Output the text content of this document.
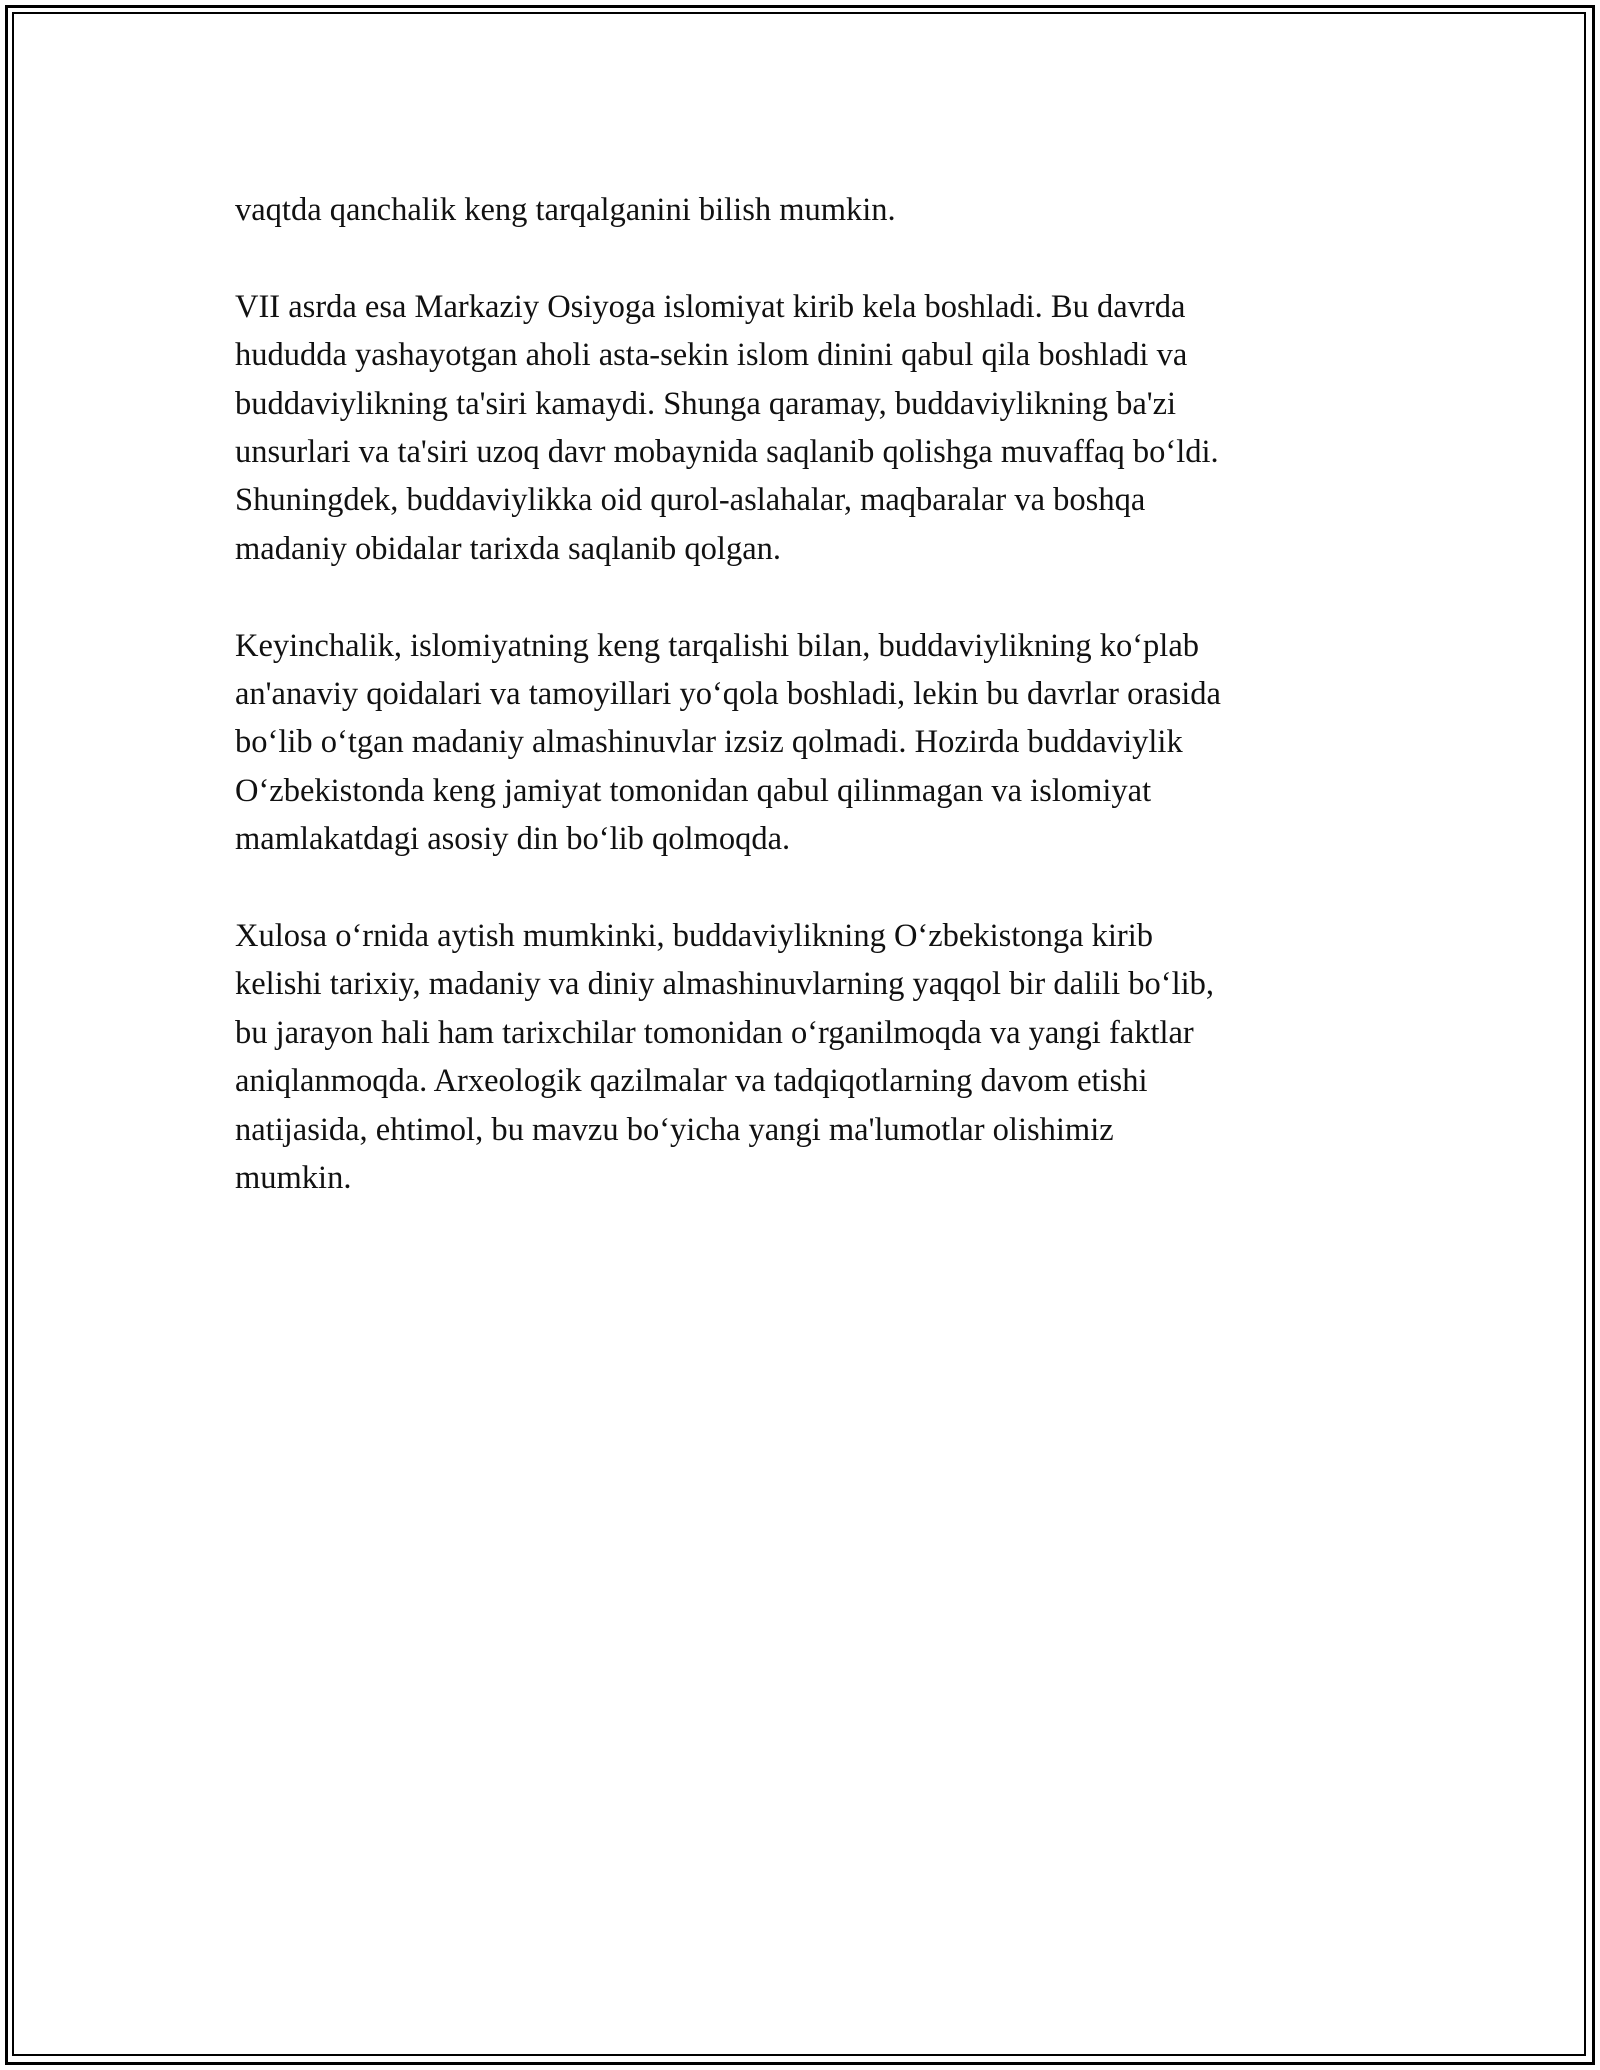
vaqtda qanchalik keng tarqalganini bilish mumkin.

VII asrda esa Markaziy Osiyoga islomiyat kirib kela boshladi. Bu davrda
hududda yashayotgan aholi asta-sekin islom dinini qabul qila boshladi va
buddaviylikning ta'siri kamaydi. Shunga qaramay, buddaviylikning ba'zi
unsurlari va ta'siri uzoq davr mobaynida saqlanib qolishga muvaffaq bo‘ldi.
Shuningdek, buddaviylikka oid qurol-aslahalar, maqbaralar va boshqa
madaniy obidalar tarixda saqlanib qolgan.

Keyinchalik, islomiyatning keng tarqalishi bilan, buddaviylikning ko‘plab
an'anaviy qoidalari va tamoyillari yo‘qola boshladi, lekin bu davrlar orasida
bo‘lib o‘tgan madaniy almashinuvlar izsiz qolmadi. Hozirda buddaviylik
O‘zbekistonda keng jamiyat tomonidan qabul qilinmagan va islomiyat
mamlakatdagi asosiy din bo‘lib qolmoqda.

Xulosa o‘rnida aytish mumkinki, buddaviylikning O‘zbekistonga kirib
kelishi tarixiy, madaniy va diniy almashinuvlarning yaqqol bir dalili bo‘lib,
bu jarayon hali ham tarixchilar tomonidan o‘rganilmoqda va yangi faktlar
aniqlanmoqda. Arxeologik qazilmalar va tadqiqotlarning davom etishi
natijasida, ehtimol, bu mavzu bo‘yicha yangi ma'lumotlar olishimiz
mumkin.
